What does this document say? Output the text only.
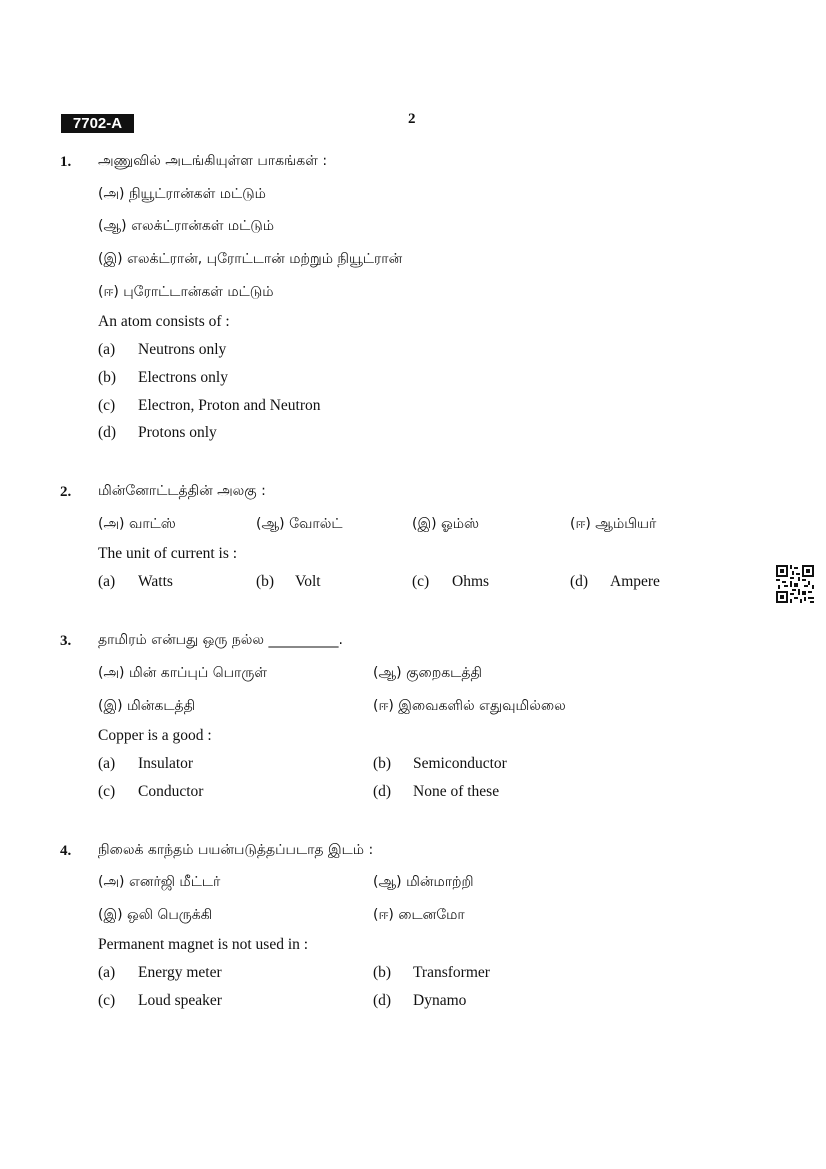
7702-A	2
1. அணுவில் அடங்கியுள்ள பாகங்கள் :
(அ) நியூட்ரான்கள் மட்டும்
(ஆ) எலக்ட்ரான்கள் மட்டும்
(இ) எலக்ட்ரான், புரோட்டான் மற்றும் நியூட்ரான்
(ஈ) புரோட்டான்கள் மட்டும்
An atom consists of :
(a) Neutrons only
(b) Electrons only
(c) Electron, Proton and Neutron
(d) Protons only
2. மின்னோட்டத்தின் அலகு :
(அ) வாட்ஸ்	(ஆ) வோல்ட்	(இ) ஓம்ஸ்	(ஈ) ஆம்பியர்
The unit of current is :
(a) Watts	(b) Volt	(c) Ohms	(d) Ampere
3. தாமிரம் என்பது ஒரு நல்ல __________.
(அ) மின் காப்புப் பொருள்	(ஆ) குறைகடத்தி
(இ) மின்கடத்தி	(ஈ) இவைகளில் எதுவுமில்லை
Copper is a good :
(a) Insulator	(b) Semiconductor
(c) Conductor	(d) None of these
4. நிலைக் காந்தம் பயன்படுத்தப்படாத இடம் :
(அ) எனர்ஜி மீட்டர்	(ஆ) மின்மாற்றி
(இ) ஒலி பெருக்கி	(ஈ) டைனமோ
Permanent magnet is not used in :
(a) Energy meter	(b) Transformer
(c) Loud speaker	(d) Dynamo
